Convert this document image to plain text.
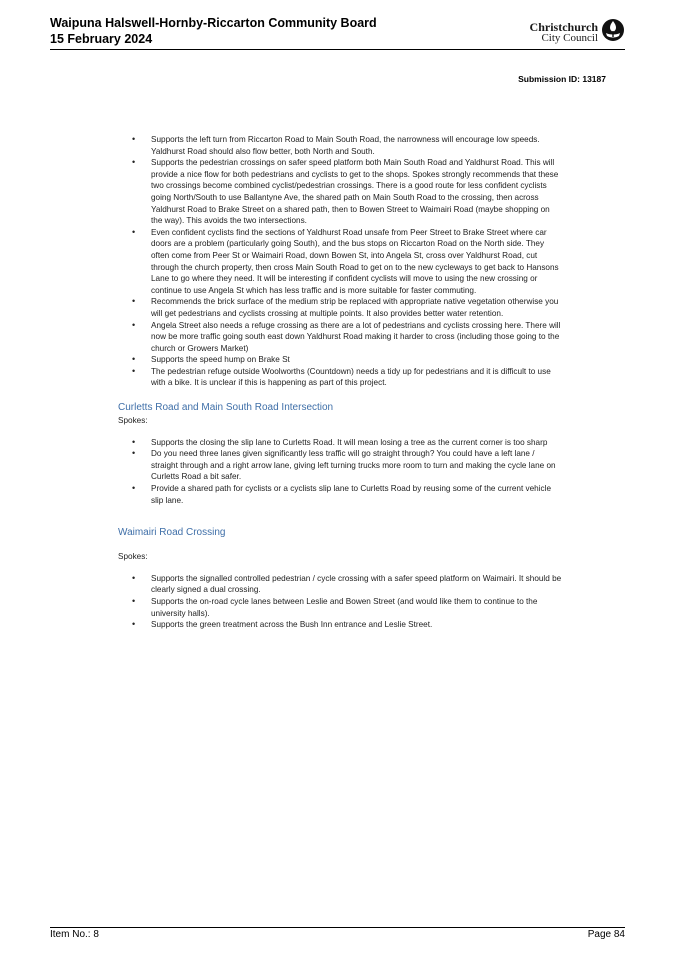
Waipuna Halswell-Hornby-Riccarton Community Board
15 February 2024
Christchurch
City Council
Submission ID: 13187
• Supports the left turn from Riccarton Road to Main South Road, the narrowness will encourage low speeds. Yaldhurst Road should also flow better, both North and South.
• Supports the pedestrian crossings on safer speed platform both Main South Road and Yaldhurst Road. This will provide a nice flow for both pedestrians and cyclists to get to the shops. Spokes strongly recommends that these two crossings become combined cyclist/pedestrian crossings. There is a good route for less confident cyclists going North/South to use Ballantyne Ave, the shared path on Main South Road to the crossing, then across Yaldhurst Road to Brake Street on a shared path, then to Bowen Street to Waimairi Road (maybe shopping on the way). This avoids the two intersections.
• Even confident cyclists find the sections of Yaldhurst Road unsafe from Peer Street to Brake Street where car doors are a problem (particularly going South), and the bus stops on Riccarton Road on the North side. They often come from Peer St or Waimairi Road, down Bowen St, into Angela St, cross over Yaldhurst Road, cut through the church property, then cross Main South Road to get on to the new cycleways to get back to Hansons Lane to go where they need. It will be interesting if confident cyclists will move to using the new crossing or continue to use Angela St which has less traffic and is more suitable for faster commuting.
• Recommends the brick surface of the medium strip be replaced with appropriate native vegetation otherwise you will get pedestrians and cyclists crossing at multiple points. It also provides better water retention.
• Angela Street also needs a refuge crossing as there are a lot of pedestrians and cyclists crossing here. There will now be more traffic going south east down Yaldhurst Road making it harder to cross (including those going to the church or Growers Market)
• Supports the speed hump on Brake St
• The pedestrian refuge outside Woolworths (Countdown) needs a tidy up for pedestrians and it is difficult to use with a bike. It is unclear if this is happening as part of this project.
Curletts Road and Main South Road Intersection
Spokes:
• Supports the closing the slip lane to Curletts Road. It will mean losing a tree as the current corner is too sharp
• Do you need three lanes given significantly less traffic will go straight through? You could have a left lane / straight through and a right arrow lane, giving left turning trucks more room to turn and making the cycle lane on Curletts Road a bit safer.
• Provide a shared path for cyclists or a cyclists slip lane to Curletts Road by reusing some of the current vehicle slip lane.
Waimairi Road Crossing
Spokes:
• Supports the signalled controlled pedestrian / cycle crossing with a safer speed platform on Waimairi. It should be clearly signed a dual crossing.
• Supports the on-road cycle lanes between Leslie and Bowen Street (and would like them to continue to the university halls).
• Supports the green treatment across the Bush Inn entrance and Leslie Street.
Item No.: 8	Page 84
